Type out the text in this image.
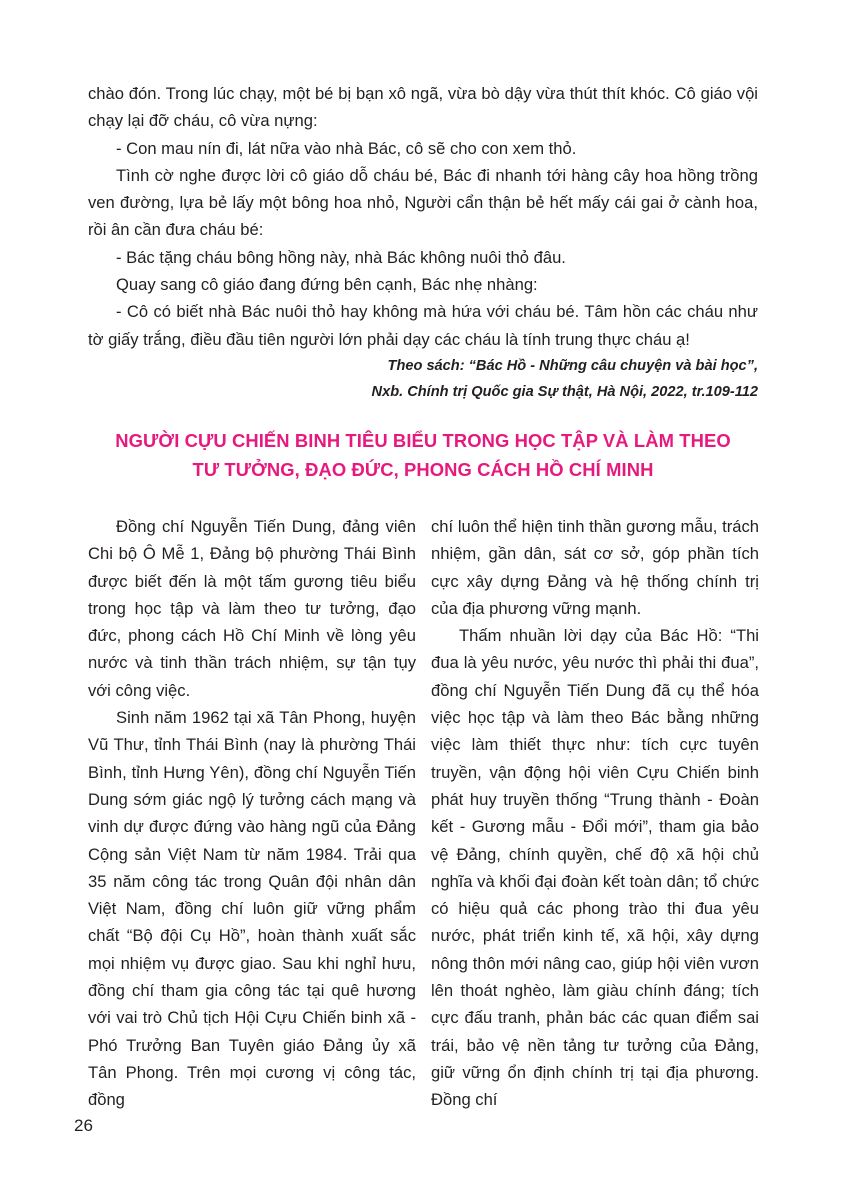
chào đón. Trong lúc chạy, một bé bị bạn xô ngã, vừa bò dậy vừa thút thít khóc. Cô giáo vội chạy lại đỡ cháu, cô vừa nựng:

- Con mau nín đi, lát nữa vào nhà Bác, cô sẽ cho con xem thỏ.

Tình cờ nghe được lời cô giáo dỗ cháu bé, Bác đi nhanh tới hàng cây hoa hồng trồng ven đường, lựa bẻ lấy một bông hoa nhỏ, Người cẩn thận bẻ hết mấy cái gai ở cành hoa, rồi ân cần đưa cháu bé:

- Bác tặng cháu bông hồng này, nhà Bác không nuôi thỏ đâu.

Quay sang cô giáo đang đứng bên cạnh, Bác nhẹ nhàng:

- Cô có biết nhà Bác nuôi thỏ hay không mà hứa với cháu bé. Tâm hồn các cháu như tờ giấy trắng, điều đầu tiên người lớn phải dạy các cháu là tính trung thực cháu ạ!

Theo sách: “Bác Hồ - Những câu chuyện và bài học”,

Nxb. Chính trị Quốc gia Sự thật, Hà Nội, 2022, tr.109-112

NGƯỜI CỰU CHIẾN BINH TIÊU BIỂU TRONG HỌC TẬP VÀ LÀM THEO
TƯ TƯỞNG, ĐẠO ĐỨC, PHONG CÁCH HỒ CHÍ MINH

Đồng chí Nguyễn Tiến Dung, đảng viên Chi bộ Ô Mễ 1, Đảng bộ phường Thái Bình được biết đến là một tấm gương tiêu biểu trong học tập và làm theo tư tưởng, đạo đức, phong cách Hồ Chí Minh về lòng yêu nước và tinh thần trách nhiệm, sự tận tụy với công việc.

Sinh năm 1962 tại xã Tân Phong, huyện Vũ Thư, tỉnh Thái Bình (nay là phường Thái Bình, tỉnh Hưng Yên), đồng chí Nguyễn Tiến Dung sớm giác ngộ lý tưởng cách mạng và vinh dự được đứng vào hàng ngũ của Đảng Cộng sản Việt Nam từ năm 1984. Trải qua 35 năm công tác trong Quân đội nhân dân Việt Nam, đồng chí luôn giữ vững phẩm chất “Bộ đội Cụ Hồ”, hoàn thành xuất sắc mọi nhiệm vụ được giao. Sau khi nghỉ hưu, đồng chí tham gia công tác tại quê hương với vai trò Chủ tịch Hội Cựu Chiến binh xã - Phó Trưởng Ban Tuyên giáo Đảng ủy xã Tân Phong. Trên mọi cương vị công tác, đồng

chí luôn thể hiện tinh thần gương mẫu, trách nhiệm, gần dân, sát cơ sở, góp phần tích cực xây dựng Đảng và hệ thống chính trị của địa phương vững mạnh.

Thấm nhuần lời dạy của Bác Hồ: “Thi đua là yêu nước, yêu nước thì phải thi đua”, đồng chí Nguyễn Tiến Dung đã cụ thể hóa việc học tập và làm theo Bác bằng những việc làm thiết thực như: tích cực tuyên truyền, vận động hội viên Cựu Chiến binh phát huy truyền thống “Trung thành - Đoàn kết - Gương mẫu - Đổi mới”, tham gia bảo vệ Đảng, chính quyền, chế độ xã hội chủ nghĩa và khối đại đoàn kết toàn dân; tổ chức có hiệu quả các phong trào thi đua yêu nước, phát triển kinh tế, xã hội, xây dựng nông thôn mới nâng cao, giúp hội viên vươn lên thoát nghèo, làm giàu chính đáng; tích cực đấu tranh, phản bác các quan điểm sai trái, bảo vệ nền tảng tư tưởng của Đảng, giữ vững ổn định chính trị tại địa phương. Đồng chí

26
